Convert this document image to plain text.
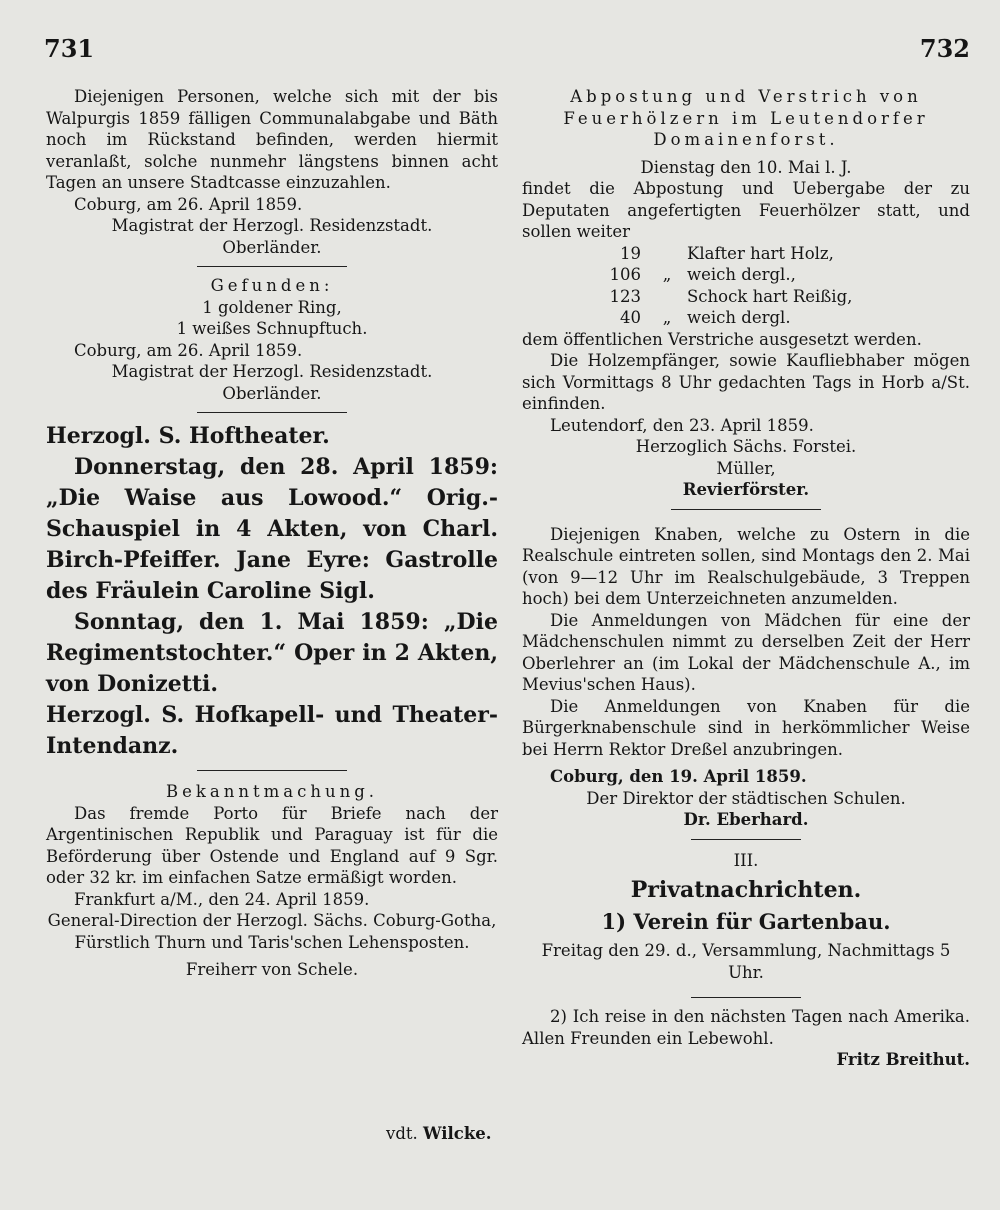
731	732

Diejenigen Personen, welche sich mit der bis Walpurgis 1859 fälligen Communalabgabe und Bäth noch im Rückstand befinden, werden hiermit veranlaßt, solche nunmehr längstens binnen acht Tagen an unsere Stadtcasse einzuzahlen.

Coburg, am 26. April 1859.

Magistrat der Herzogl. Residenzstadt.

Oberländer.

Gefunden:

1 goldener Ring,

1 weißes Schnupftuch.

Coburg, am 26. April 1859.

Magistrat der Herzogl. Residenzstadt.

Oberländer.

Herzogl. S. Hoftheater.

Donnerstag, den 28. April 1859: „Die Waise aus Lowood.“ Orig.-Schauspiel in 4 Akten, von Charl. Birch-Pfeiffer. Jane Eyre: Gastrolle des Fräulein Caroline Sigl.

Sonntag, den 1. Mai 1859: „Die Regimentstochter.“ Oper in 2 Akten, von Donizetti.

Herzogl. S. Hofkapell- und Theater-Intendanz.

Bekanntmachung.

Das fremde Porto für Briefe nach der Argentinischen Republik und Paraguay ist für die Beförderung über Ostende und England auf 9 Sgr. oder 32 kr. im einfachen Satze ermäßigt worden.

Frankfurt a/M., den 24. April 1859.

General-Direction der Herzogl. Sächs. Coburg-Gotha, Fürstlich Thurn und Taris'schen Lehensposten.

Freiherr von Schele.

vdt. Wilcke.

Abpostung und Verstrich von Feuerhölzern im Leutendorfer Domainenforst.

Dienstag den 10. Mai l. J.

findet die Abpostung und Uebergabe der zu Deputaten angefertigten Feuerhölzer statt, und sollen weiter

19	Klafter hart Holz,
106	„ weich dergl.,
123	Schock hart Reißig,
40	„ weich dergl.

dem öffentlichen Verstriche ausgesetzt werden.

Die Holzempfänger, sowie Kaufliebhaber mögen sich Vormittags 8 Uhr gedachten Tags in Horb a/St. einfinden.

Leutendorf, den 23. April 1859.

Herzoglich Sächs. Forstei.

Müller,

Revierförster.

Diejenigen Knaben, welche zu Ostern in die Realschule eintreten sollen, sind Montags den 2. Mai (von 9—12 Uhr im Realschulgebäude, 3 Treppen hoch) bei dem Unterzeichneten anzumelden.

Die Anmeldungen von Mädchen für eine der Mädchenschulen nimmt zu derselben Zeit der Herr Oberlehrer an (im Lokal der Mädchenschule A., im Mevius'schen Haus).

Die Anmeldungen von Knaben für die Bürgerknabenschule sind in herkömmlicher Weise bei Herrn Rektor Dreßel anzubringen.

Coburg, den 19. April 1859.

Der Direktor der städtischen Schulen.

Dr. Eberhard.

III.

Privatnachrichten.

1) Verein für Gartenbau.

Freitag den 29. d., Versammlung, Nachmittags 5 Uhr.

2) Ich reise in den nächsten Tagen nach Amerika. Allen Freunden ein Lebewohl.

Fritz Breithut.
